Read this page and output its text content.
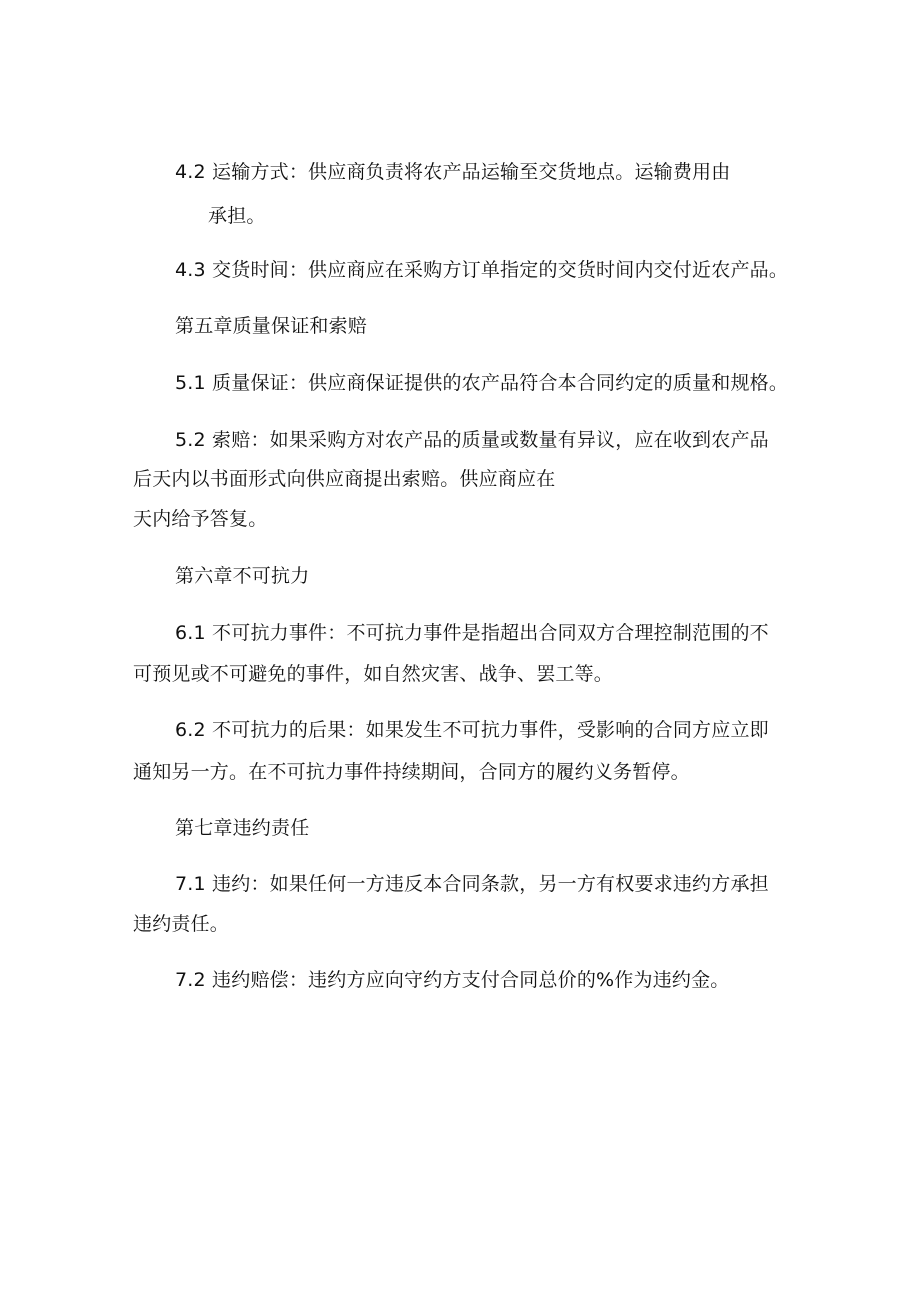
4.2 运输方式：供应商负责将农产品运输至交货地点。运输费用由
承担。
4.3 交货时间：供应商应在采购方订单指定的交货时间内交付近农产品。
第五章质量保证和索赔
5.1 质量保证：供应商保证提供的农产品符合本合同约定的质量和规格。
5.2 索赔：如果采购方对农产品的质量或数量有异议，应在收到农产品
后天内以书面形式向供应商提出索赔。供应商应在
天内给予答复。
第六章不可抗力
6.1 不可抗力事件：不可抗力事件是指超出合同双方合理控制范围的不
可预见或不可避免的事件，如自然灾害、战争、罢工等。
6.2 不可抗力的后果：如果发生不可抗力事件，受影响的合同方应立即
通知另一方。在不可抗力事件持续期间，合同方的履约义务暂停。
第七章违约责任
7.1 违约：如果任何一方违反本合同条款，另一方有权要求违约方承担
违约责任。
7.2 违约赔偿：违约方应向守约方支付合同总价的%作为违约金。
